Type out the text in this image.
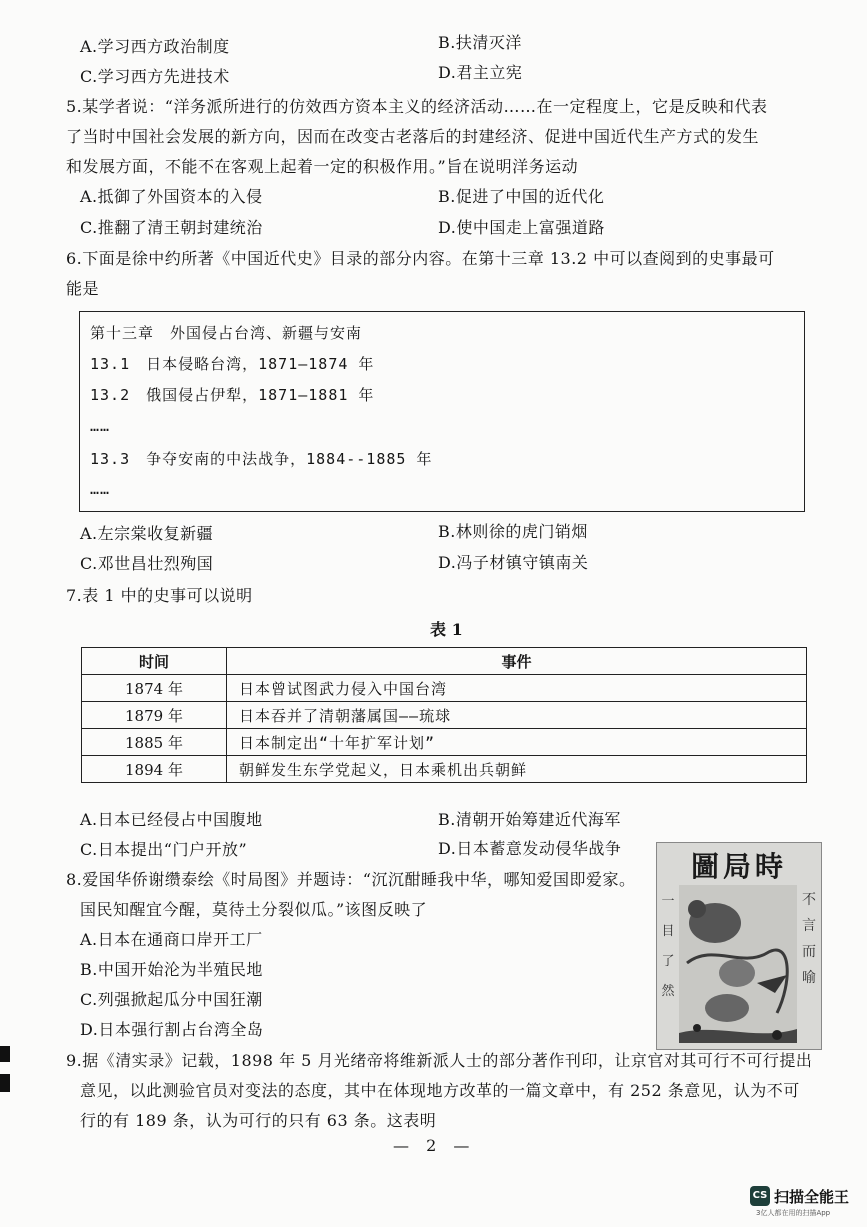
A.学习西方政治制度	B.扶清灭洋
C.学习西方先进技术	D.君主立宪
5.某学者说：“洋务派所进行的仿效西方资本主义的经济活动……在一定程度上，它是反映和代表
了当时中国社会发展的新方向，因而在改变古老落后的封建经济、促进中国近代生产方式的发生
和发展方面，不能不在客观上起着一定的积极作用。”旨在说明洋务运动
A.抵御了外国资本的入侵	B.促进了中国的近代化
C.推翻了清王朝封建统治	D.使中国走上富强道路
6.下面是徐中约所著《中国近代史》目录的部分内容。在第十三章 13.2 中可以查阅到的史事最可
能是
第十三章　外国侵占台湾、新疆与安南
13.1　日本侵略台湾，1871—1874 年
13.2　俄国侵占伊犁，1871—1881 年
……
13.3　争夺安南的中法战争，1884--1885 年
……
A.左宗棠收复新疆	B.林则徐的虎门销烟
C.邓世昌壮烈殉国	D.冯子材镇守镇南关
7.表 1 中的史事可以说明
表 1
时间	事件
1874 年	日本曾试图武力侵入中国台湾
1879 年	日本吞并了清朝藩属国——琉球
1885 年	日本制定出“十年扩军计划”
1894 年	朝鲜发生东学党起义，日本乘机出兵朝鲜
A.日本已经侵占中国腹地	B.清朝开始筹建近代海军
C.日本提出“门户开放”	D.日本蓄意发动侵华战争
8.爱国华侨谢缵泰绘《时局图》并题诗：“沉沉酣睡我中华，哪知爱国即爱家。
国民知醒宜今醒，莫待土分裂似瓜。”该图反映了
A.日本在通商口岸开工厂
B.中国开始沦为半殖民地
C.列强掀起瓜分中国狂潮
D.日本强行割占台湾全岛
圖局時
不
言
而
喻
一
目
了
然
9.据《清实录》记载，1898 年 5 月光绪帝将维新派人士的部分著作刊印，让京官对其可行不可行提出
意见，以此测验官员对变法的态度，其中在体现地方改革的一篇文章中，有 252 条意见，认为不可
行的有 189 条，认为可行的只有 63 条。这表明
— 2 —
CS 扫描全能王
3亿人都在用的扫描App
